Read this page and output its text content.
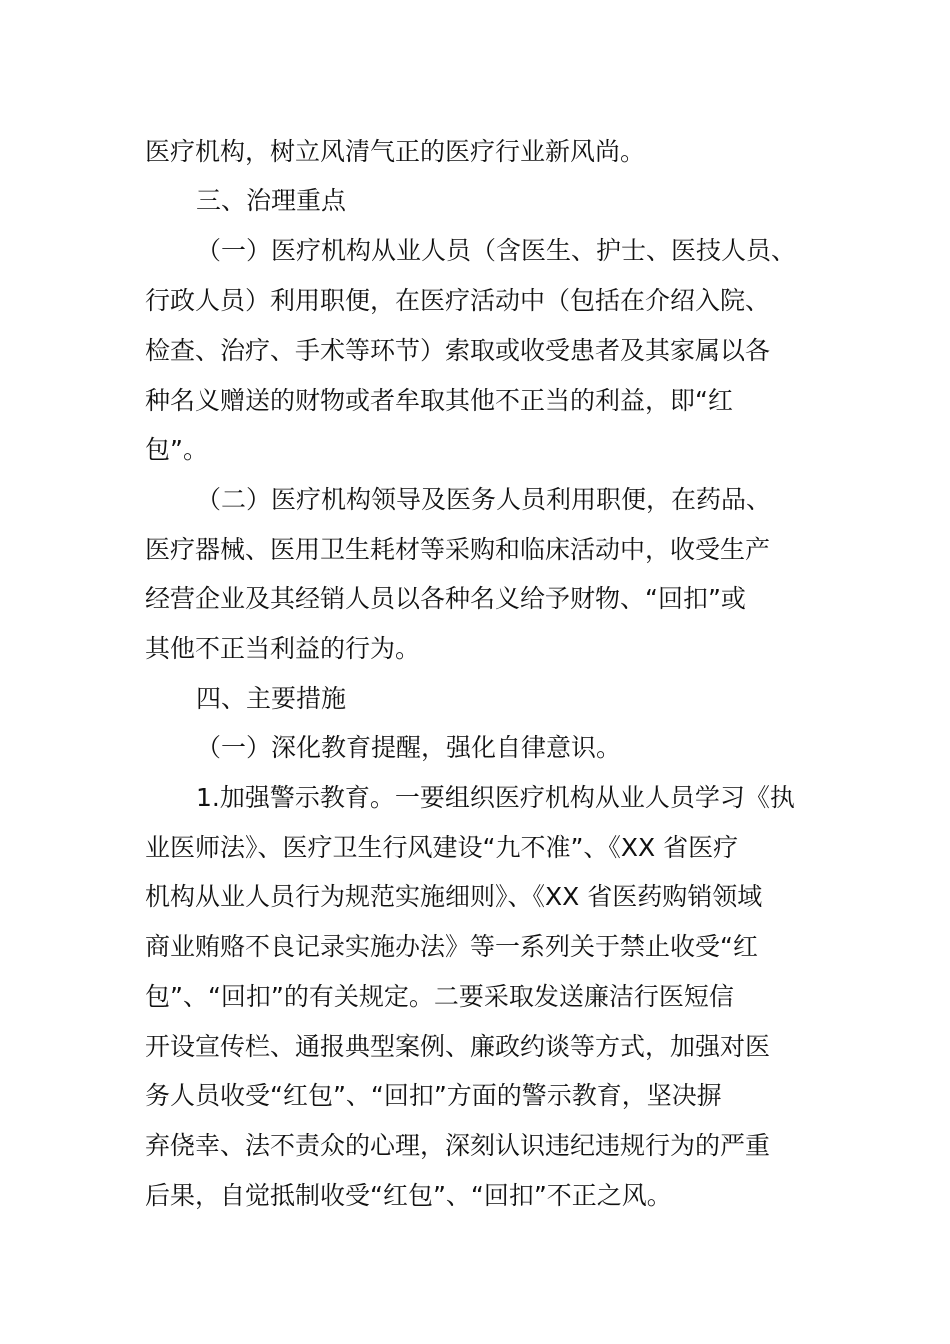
医疗机构，树立风清气正的医疗行业新风尚。

三、治理重点

（一）医疗机构从业人员（含医生、护士、医技人员、

行政人员）利用职便，在医疗活动中（包括在介绍入院、

检查、治疗、手术等环节）索取或收受患者及其家属以各

种名义赠送的财物或者牟取其他不正当的利益，即“红

包”。

（二）医疗机构领导及医务人员利用职便，在药品、

医疗器械、医用卫生耗材等采购和临床活动中，收受生产

经营企业及其经销人员以各种名义给予财物、“回扣”或

其他不正当利益的行为。

四、主要措施

（一）深化教育提醒，强化自律意识。

1.加强警示教育。一要组织医疗机构从业人员学习《执

业医师法》、医疗卫生行风建设“九不准”、《XX 省医疗

机构从业人员行为规范实施细则》、《XX 省医药购销领域

商业贿赂不良记录实施办法》等一系列关于禁止收受“红

包”、“回扣”的有关规定。二要采取发送廉洁行医短信

开设宣传栏、通报典型案例、廉政约谈等方式，加强对医

务人员收受“红包”、“回扣”方面的警示教育，坚决摒

弃侥幸、法不责众的心理，深刻认识违纪违规行为的严重

后果，自觉抵制收受“红包”、“回扣”不正之风。
